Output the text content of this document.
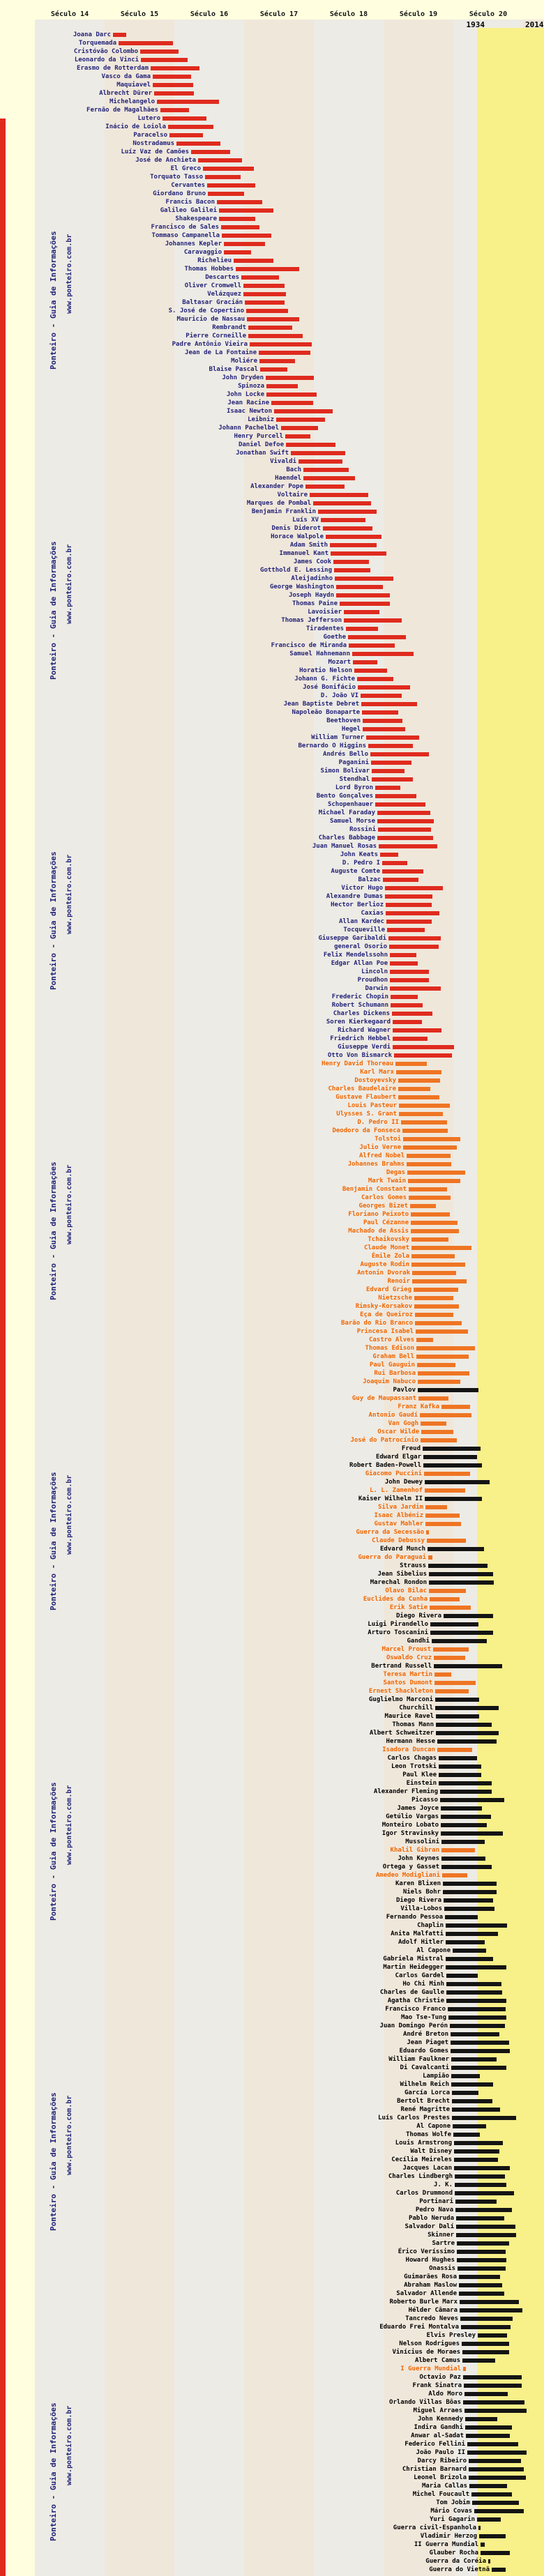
Século 14	Século 15	Século 16	Século 17	Século 18	Século 19	Século 20
1934	2014
Ponteiro - Guia de Informações	www.ponteiro.com.br
Ponteiro - Guia de Informações	www.ponteiro.com.br
Ponteiro - Guia de Informações	www.ponteiro.com.br
Ponteiro - Guia de Informações	www.ponteiro.com.br
Ponteiro - Guia de Informações	www.ponteiro.com.br
Ponteiro - Guia de Informações	www.ponteiro.com.br
Ponteiro - Guia de Informações	www.ponteiro.com.br
Ponteiro - Guia de Informações	www.ponteiro.com.br
Joana Darc
Torquemada
Cristóvão Colombo
Leonardo da Vinci
Erasmo de Rotterdam
Vasco da Gama
Maquiavel
Albrecht Dürer
Michelangelo
Fernão de Magalhães
Lutero
Inácio de Loiola
Paracelso
Nostradamus
Luíz Vaz de Camões
José de Anchieta
El Greco
Torquato Tasso
Cervantes
Giordano Bruno
Francis Bacon
Galileo Galilei
Shakespeare
Francisco de Sales
Tommaso Campanella
Johannes Kepler
Caravaggio
Richelieu
Thomas Hobbes
Descartes
Oliver Cromwell
Velázquez
Baltasar Gracián
S. José de Copertino
Mauricio de Nassau
Rembrandt
Pierre Corneille
Padre Antônio Vieira
Jean de La Fontaine
Moliére
Blaise Pascal
John Dryden
Spinoza
John Locke
Jean Racine
Isaac Newton
Leibniz
Johann Pachelbel
Henry Purcell
Daniel Defoe
Jonathan Swift
Vivaldi
Bach
Haendel
Alexander Pope
Voltaire
Marques de Pombal
Benjamin Franklin
Luís XV
Denis Diderot
Horace Walpole
Adam Smith
Immanuel Kant
James Cook
Gotthold E. Lessing
Aleijadinho
George Washington
Joseph Haydn
Thomas Paine
Lavoisier
Thomas Jefferson
Tiradentes
Goethe
Francisco de Miranda
Samuel Hahnemann
Mozart
Horatio Nelson
Johann G. Fichte
José Bonifácio
D. João VI
Jean Baptiste Debret
Napoleão Bonaparte
Beethoven
Hegel
William Turner
Bernardo O Higgins
Andrés Bello
Paganini
Simon Bolívar
Stendhal
Lord Byron
Bento Gonçalves
Schopenhauer
Michael Faraday
Samuel Morse
Rossini
Charles Babbage
Juan Manuel Rosas
John Keats
D. Pedro I
Auguste Comte
Balzac
Victor Hugo
Alexandre Dumas
Hector Berlioz
Caxias
Allan Kardec
Tocqueville
Giuseppe Garibaldi
general Osorio
Felix Mendelssohn
Edgar Allan Poe
Lincoln
Proudhon
Darwin
Frederic Chopin
Robert Schumann
Charles Dickens
Soren Kierkegaard
Richard Wagner
Friedrich Hebbel
Giuseppe Verdi
Otto Von Bismarck
Henry David Thoreau
Karl Marx
Dostoyevsky
Charles Baudelaire
Gustave Flaubert
Louis Pasteur
Ulysses S. Grant
D. Pedro II
Deodoro da Fonseca
Tolstoi
Julio Verne
Alfred Nobel
Johannes Brahms
Degas
Mark Twain
Benjamin Constant
Carlos Gomes
Georges Bizet
Floriano Peixoto
Paul Cézanne
Machado de Assis
Tchaikovsky
Claude Monet
Émile Zola
Auguste Rodin
Antonin Dvorak
Renoir
Edvard Grieg
Nietzsche
Rimsky-Korsakov
Eça de Queiroz
Barão do Rio Branco
Princesa Isabel
Castro Alves
Thomas Edison
Graham Bell
Paul Gauguin
Rui Barbosa
Joaquim Nabuco
Pavlov
Guy de Maupassant
Franz Kafka
Antonio Gaudí
Van Gogh
Oscar Wilde
José do Patrocínio
Freud
Edward Elgar
Robert Baden-Powell
Giacomo Puccini
John Dewey
L. L. Zamenhof
Kaiser Wilhelm II
Silva Jardim
Isaac Albéniz
Gustav Mahler
Guerra da Secessão
Claude Debussy
Edvard Munch
Guerra do Paraguai
Strauss
Jean Sibelius
Marechal Rondon
Olavo Bilac
Euclides da Cunha
Erik Satie
Diego Rivera
Luigi Pirandello
Arturo Toscanini
Gandhi
Marcel Proust
Oswaldo Cruz
Bertrand Russell
Teresa Martin
Santos Dumont
Ernest Shackleton
Guglielmo Marconi
Churchill
Maurice Ravel
Thomas Mann
Albert Schweitzer
Hermann Hesse
Isadora Duncan
Carlos Chagas
Leon Trotski
Paul Klee
Einstein
Alexander Fleming
Picasso
James Joyce
Getúlio Vargas
Monteiro Lobato
Igor Stravinsky
Mussolini
Khalil Gibran
John Keynes
Ortega y Gasset
Amedeo Modigliani
Karen Blixen
Niels Bohr
Diego Rivera
Villa-Lobos
Fernando Pessoa
Chaplin
Anita Malfatti
Adolf Hitler
Al Capone
Gabriela Mistral
Martin Heidegger
Carlos Gardel
Ho Chi Minh
Charles de Gaulle
Agatha Christie
Francisco Franco
Mao Tse-Tung
Juan Domingo Perón
André Breton
Jean Piaget
Eduardo Gomes
William Faulkner
Di Cavalcanti
Lampião
Wilhelm Reich
García Lorca
Bertolt Brecht
René Magritte
Luís Carlos Prestes
Al Capone
Thomas Wolfe
Louis Armstrong
Walt Disney
Cecília Meireles
Jacques Lacan
Charles Lindbergh
J. K.
Carlos Drummond
Portinari
Pedro Nava
Pablo Neruda
Salvador Dalí
Skinner
Sartre
Érico Veríssimo
Howard Hughes
Onassis
Guimarães Rosa
Abraham Maslow
Salvador Allende
Roberto Burle Marx
Hélder Câmara
Tancredo Neves
Eduardo Frei Montalva
Elvis Presley
Nelson Rodrigues
Vinícius de Moraes
Albert Camus
I Guerra Mundial
Octavio Paz
Frank Sinatra
Aldo Moro
Orlando Villas Bôas
Miguel Arraes
John Kennedy
Indira Gandhi
Anwar al-Sadat
Federico Fellini
João Paulo II
Darcy Ribeiro
Christian Barnard
Leonel Brizola
Maria Callas
Michel Foucault
Tom Jobim
Mário Covas
Yuri Gagarin
Guerra civil-Espanhola
Vladimir Herzog
II Guerra Mundial
Glauber Rocha
Guerra da Coréia
Guerra do Vietnã
